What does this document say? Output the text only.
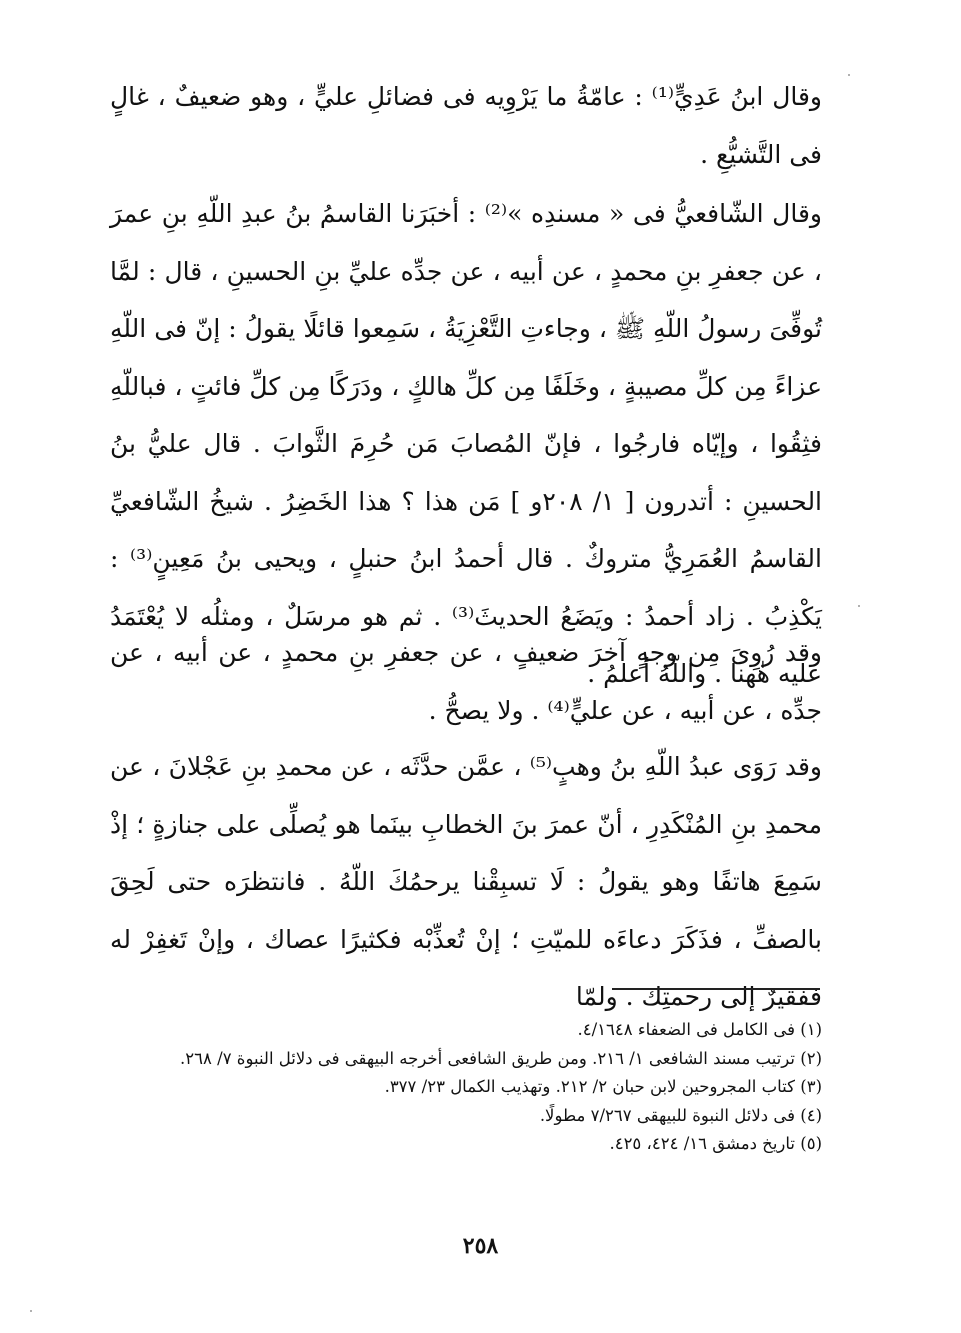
وقال ابنُ عَدِيٍّ⁽¹⁾ : عامّةُ ما يَرْوِيه فى فضائلِ عليٍّ ، وهو ضعيفٌ ، غالٍ فى التَّشيُّعِ .

وقال الشّافعيُّ فى « مسندِه »⁽²⁾ : أخبَرَنا القاسمُ بنُ عبدِ اللّهِ بنِ عمرَ ، عن جعفرِ بنِ محمدٍ ، عن أبيه ، عن جدِّه عليِّ بنِ الحسينِ ، قال : لمَّا تُوفِّىَ رسولُ اللّهِ ﷺ ، وجاءتِ التَّعْزِيَةُ ، سَمِعوا قائلًا يقولُ : إنّ فى اللّهِ عزاءً مِن كلِّ مصيبةٍ ، وخَلَفًا مِن كلِّ هالكٍ ، ودَرَكًا مِن كلِّ فائتٍ ، فباللّهِ فثِقُوا ، وإيّاه فارجُوا ، فإنّ المُصابَ مَن حُرِمَ الثَّوابَ . قال عليُّ بنُ الحسينِ : أتدرون [ ١/ ٢٠٨و ] مَن هذا ؟ هذا الخَضِرُ . شيخُ الشّافعيِّ القاسمُ العُمَرِيُّ متروكٌ . قال أحمدُ ابنُ حنبلٍ ، ويحيى بنُ مَعِينٍ⁽³⁾ : يَكْذِبُ . زاد أحمدُ : ويَضَعُ الحديثَ⁽³⁾ . ثم هو مرسَلٌ ، ومثلُه لا يُعْتَمَدُ عليه هٰهنا . واللّهُ أعلمُ .

وقد رُوِىَ مِن وجهٍ آخرَ ضعيفٍ ، عن جعفرِ بنِ محمدٍ ، عن أبيه ، عن جدِّه ، عن أبيه ، عن عليٍّ⁽⁴⁾ . ولا يصحُّ .

وقد رَوَى عبدُ اللّهِ بنُ وهبٍ⁽⁵⁾ ، عمَّن حدَّثَه ، عن محمدِ بنِ عَجْلانَ ، عن محمدِ بنِ المُنْكَدِرِ ، أنّ عمرَ بنَ الخطابِ بينَما هو يُصلِّى على جنازةٍ ؛ إذْ سَمِعَ هاتفًا وهو يقولُ : لَا تسبِقْنا يرحمُكَ اللّهُ . فانتظرَه حتى لَحِقَ بالصفِّ ، فذَكَرَ دعاءَه للميّتِ ؛ إنْ تُعذِّبْه فكثيرًا عصاك ، وإنْ تَغفِرْ له ففقيرٌ إلى رحمتِك . ولمّا

(١) فى الكامل فى الضعفاء ٤/١٦٤٨.
(٢) ترتيب مسند الشافعى ١/ ٢١٦. ومن طريق الشافعى أخرجه البيهقى فى دلائل النبوة ٧/ ٢٦٨.
(٣) كتاب المجروحين لابن حبان ٢/ ٢١٢. وتهذيب الكمال ٢٣/ ٣٧٧.
(٤) فى دلائل النبوة للبيهقى ٧/٢٦٧ مطولًا.
(٥) تاريخ دمشق ١٦/ ٤٢٤، ٤٢٥.
٢٥٨
